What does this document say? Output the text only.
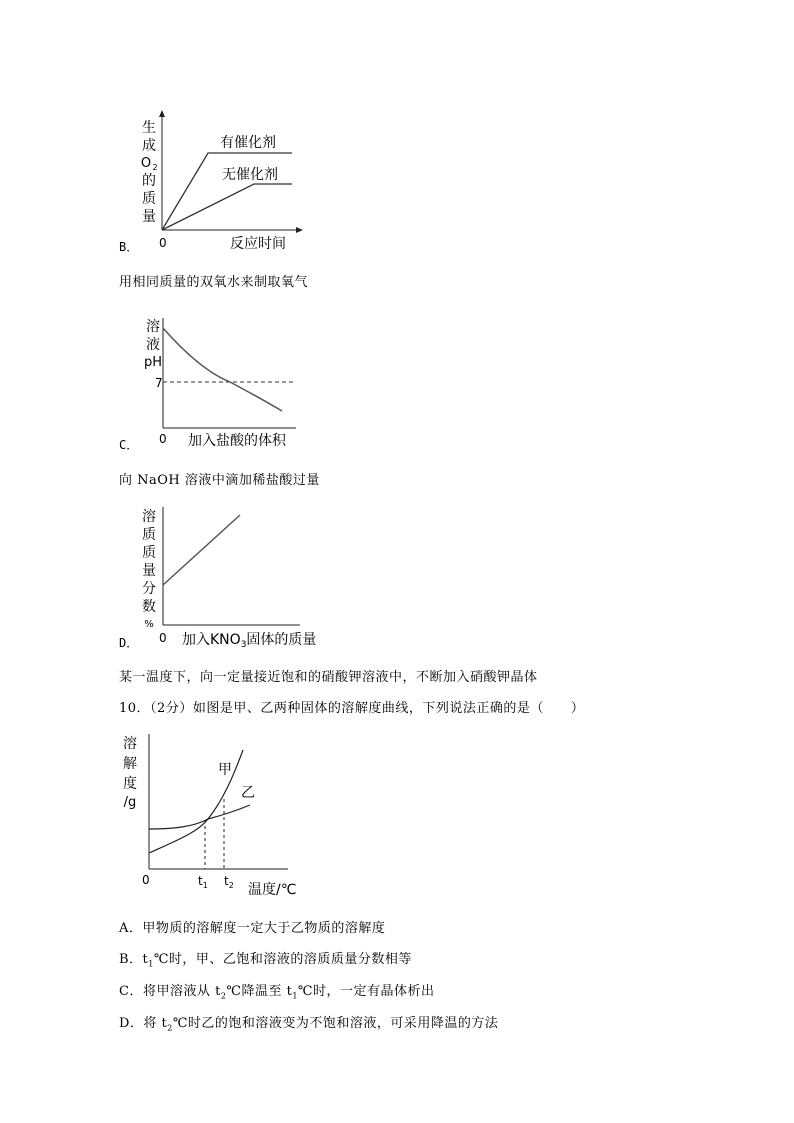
生
成
O 2
的
质
量
有催化剂
无催化剂
0	反应时间
B．
用相同质量的双氧水来制取氧气
溶
液
pH
7
0 加入盐酸的体积
C．
向 NaOH 溶液中滴加稀盐酸过量
溶
质
质
量
分
数
%
0 加入$KNO_3$固体的质量
D．
某一温度下，向一定量接近饱和的硝酸钾溶液中，不断加入硝酸钾晶体
10．（2分）如图是甲、乙两种固体的溶解度曲线，下列说法正确的是（　　）
溶
解
度
/g
甲
乙
0	$t_1$ $t_2$ 温度/℃
A．甲物质的溶解度一定大于乙物质的溶解度
B．$t_1℃$时，甲、乙饱和溶液的溶质质量分数相等
C．将甲溶液从 $t_2℃$降温至 $t_1℃$时，一定有晶体析出
D．将 $t_2℃$时乙的饱和溶液变为不饱和溶液，可采用降温的方法
